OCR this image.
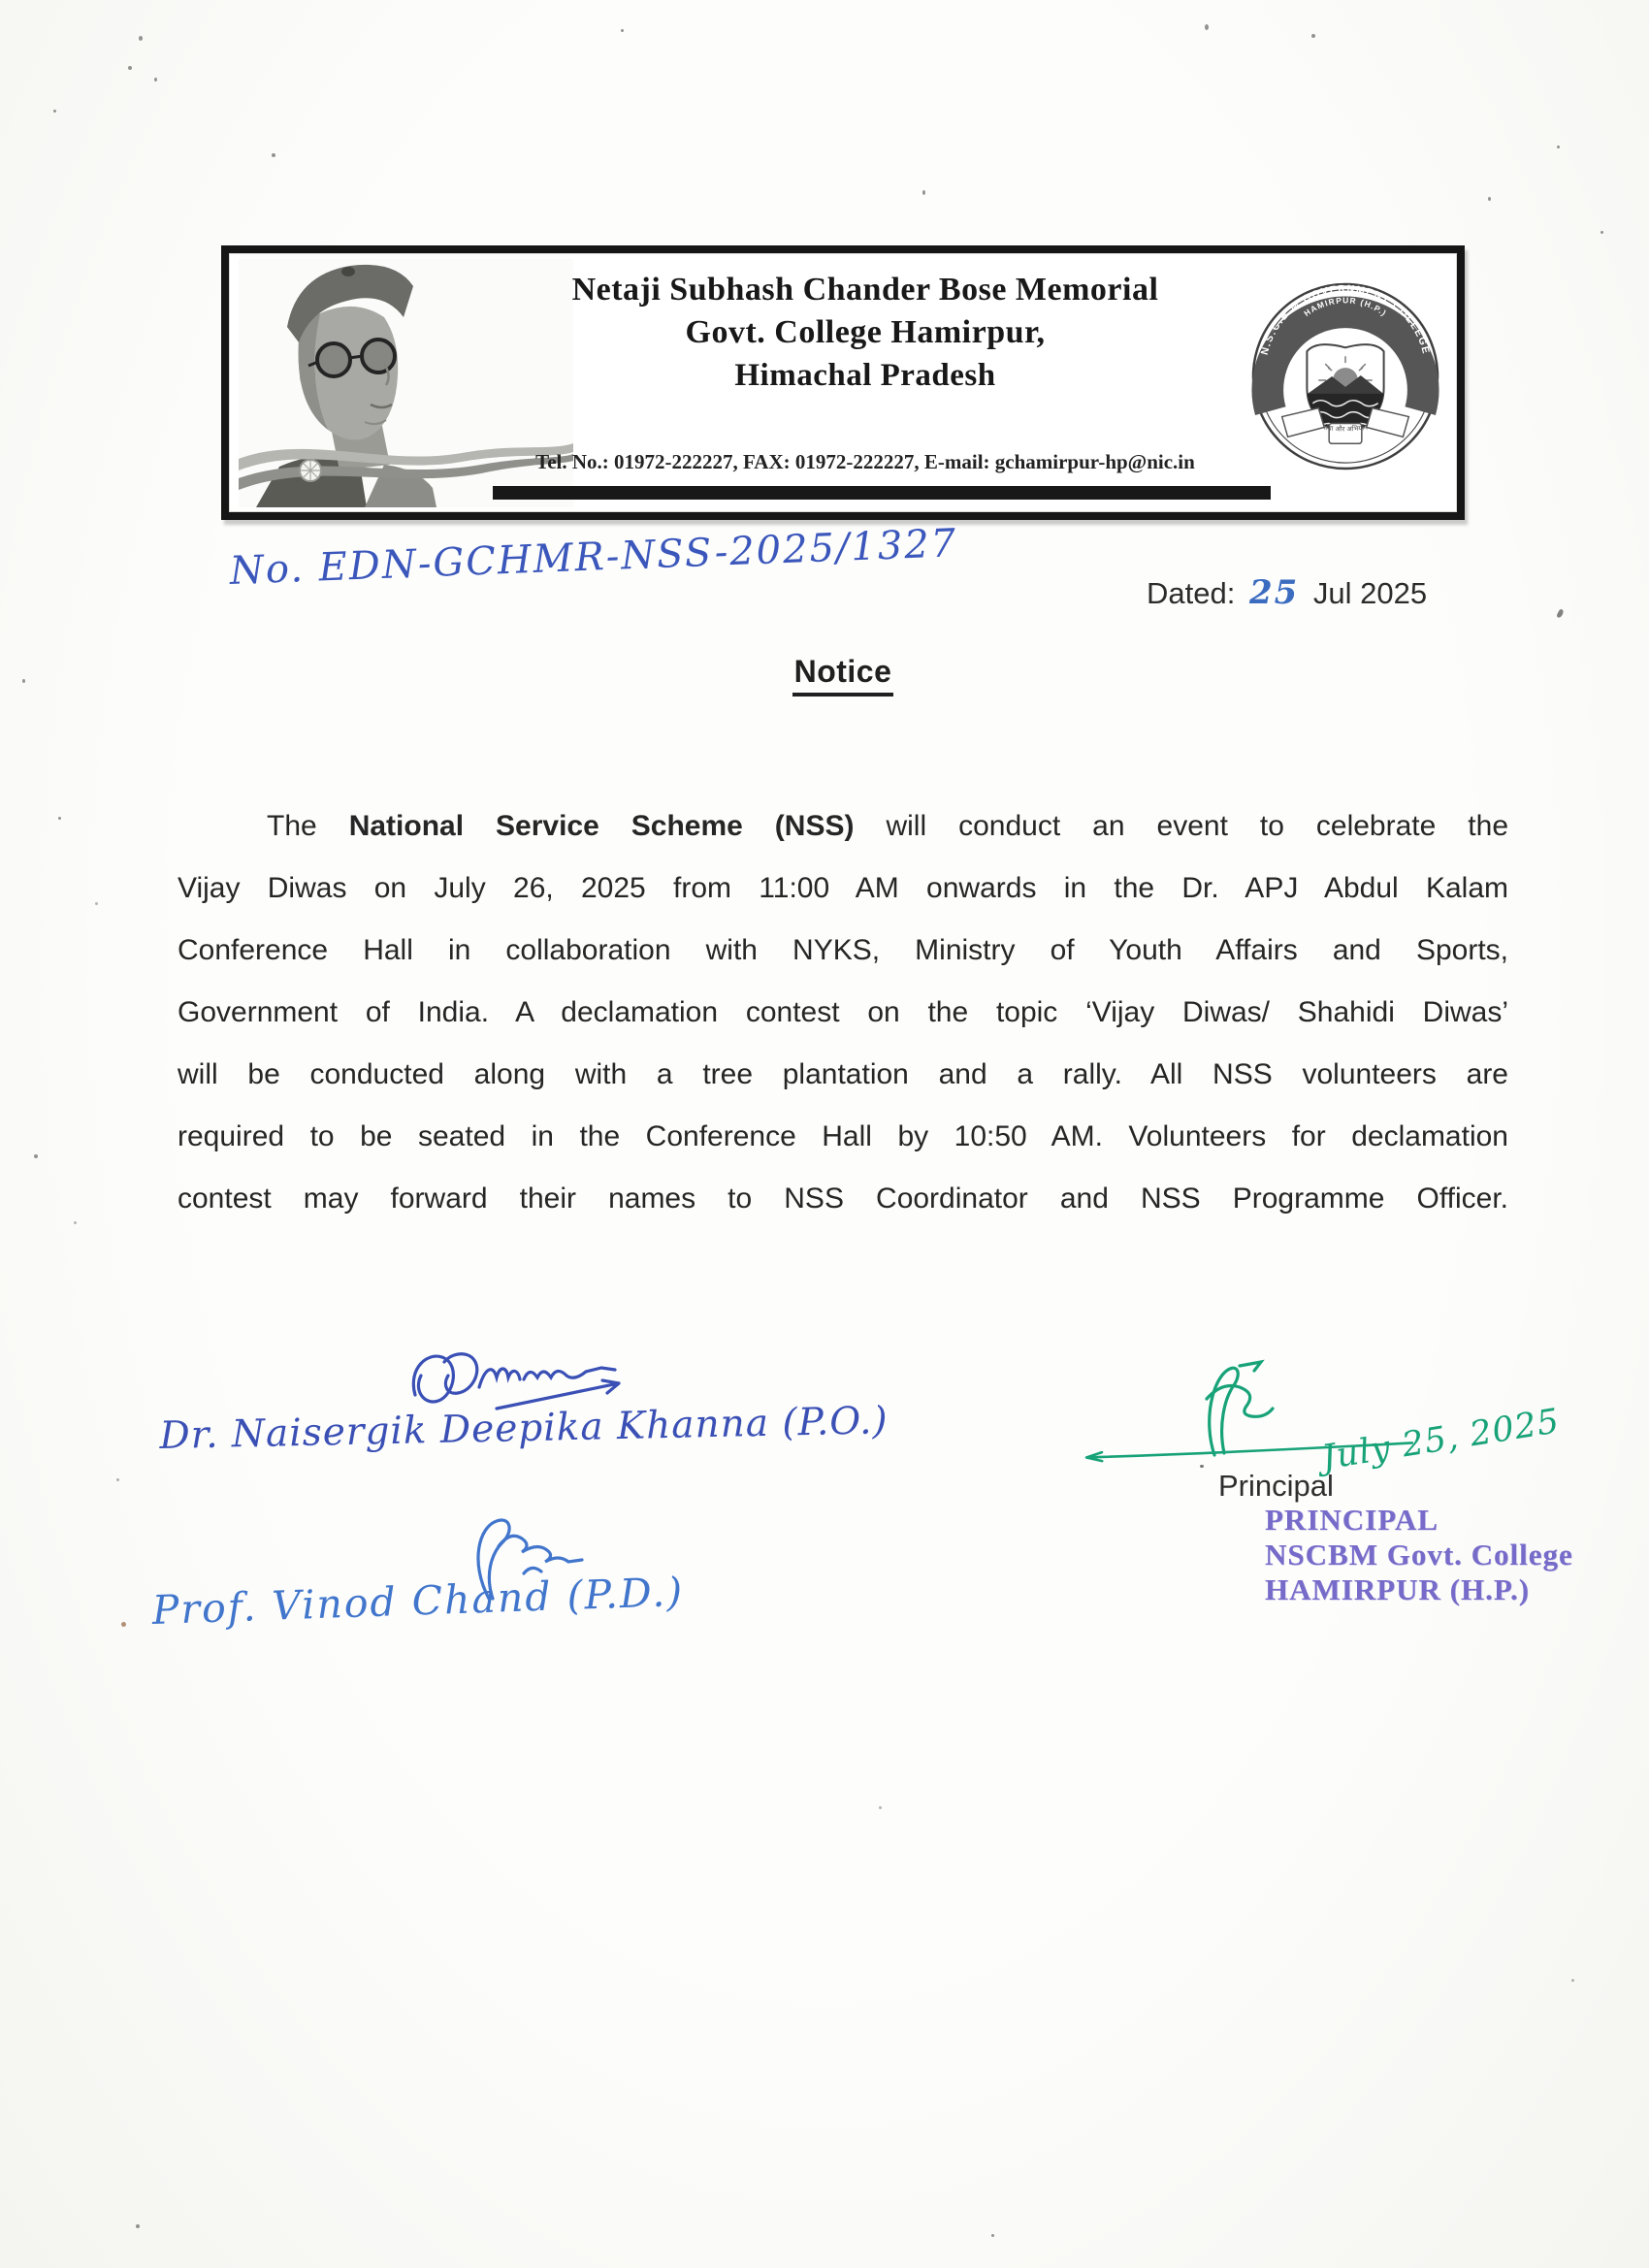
Netaji Subhash Chander Bose Memorial
Govt. College Hamirpur,
Himachal Pradesh
Tel. No.: 01972-222227, FAX: 01972-222227, E-mail: gchamirpur-hp@nic.in
N.S.C.B.M GOVERNMENT COLLEGE
HAMIRPUR (H.P.)
सेवा और अभियान
No. EDN-GCHMR-NSS-2025/1327	Dated: 25 Jul 2025
Notice
The National Service Scheme (NSS) will conduct an event to celebrate the
Vijay Diwas on July 26, 2025 from 11:00 AM onwards in the Dr. APJ Abdul Kalam
Conference Hall in collaboration with NYKS, Ministry of Youth Affairs and Sports,
Government of India. A declamation contest on the topic ‘Vijay Diwas/ Shahidi Diwas’
will be conducted along with a tree plantation and a rally. All NSS volunteers are
required to be seated in the Conference Hall by 10:50 AM. Volunteers for declamation
contest may forward their names to NSS Coordinator and NSS Programme Officer.
Dr. Naisergik Deepika Khanna (P.O.)
Prof. Vinod Chand (P.D.)
Principal
July 25, 2025
PRINCIPAL
NSCBM Govt. College
HAMIRPUR (H.P.)
